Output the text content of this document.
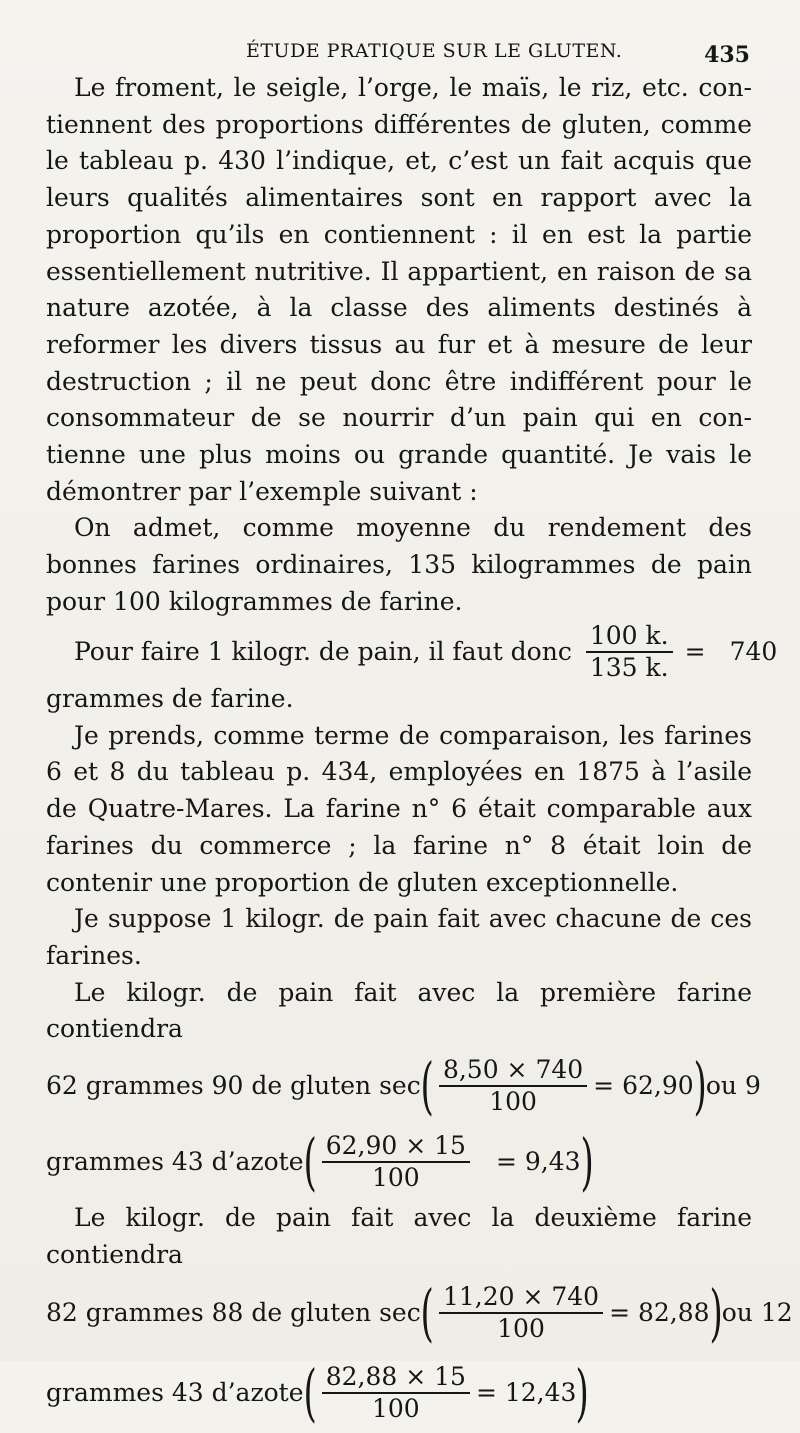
ÉTUDE PRATIQUE SUR LE GLUTEN.	435

Le froment, le seigle, l’orge, le maïs, le riz, etc. contiennent des proportions différentes de gluten, comme le tableau p. 430 l’indique, et, c’est un fait acquis que leurs qualités alimentaires sont en rapport avec la proportion qu’ils en contiennent : il en est la partie essentiellement nutritive. Il appartient, en raison de sa nature azotée, à la classe des aliments destinés à reformer les divers tissus au fur et à mesure de leur destruction ; il ne peut donc être indifférent pour le consommateur de se nourrir d’un pain qui en contienne une plus moins ou grande quantité. Je vais le démontrer par l’exemple suivant :

On admet, comme moyenne du rendement des bonnes farines ordinaires, 135 kilogrammes de pain pour 100 kilogrammes de farine.

Pour faire 1 kilogr. de pain, il faut donc $\frac{100 k.}{135 k.} = 740$

grammes de farine.

Je prends, comme terme de comparaison, les farines 6 et 8 du tableau p. 434, employées en 1875 à l’asile de Quatre-Mares. La farine n° 6 était comparable aux farines du commerce ; la farine n° 8 était loin de contenir une proportion de gluten exceptionnelle.

Je suppose 1 kilogr. de pain fait avec chacune de ces farines.

Le kilogr. de pain fait avec la première farine contiendra

62 grammes 90 de gluten sec ( $\frac{8,50 \times 740}{100} = 62,90$ ) ou 9
grammes 43 d’azote ( $\frac{62,90 \times 15}{100} = 9,43$ )

Le kilogr. de pain fait avec la deuxième farine contiendra

82 grammes 88 de gluten sec ( $\frac{11,20 \times 740}{100} = 82,88$ ) ou 12
grammes 43 d’azote ( $\frac{82,88 \times 15}{100} = 12,43$ )
